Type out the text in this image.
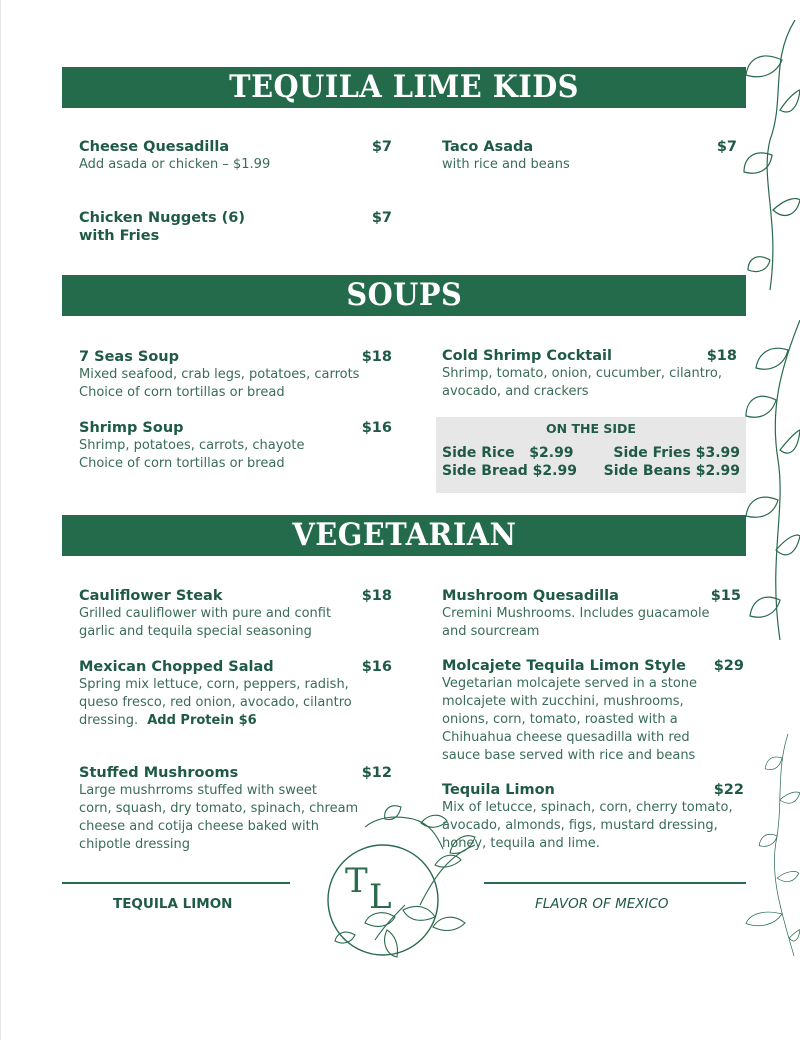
TEQUILA LIME KIDS
Cheese Quesadilla	$7
Add asada or chicken – $1.99
Taco Asada	$7
with rice and beans
Chicken Nuggets (6)	$7
with Fries
SOUPS
7 Seas Soup	$18
Mixed seafood, crab legs, potatoes, carrots
Choice of corn tortillas or bread
Cold Shrimp Cocktail	$18
Shrimp, tomato, onion, cucumber, cilantro,
avocado, and crackers
Shrimp Soup	$16
Shrimp, potatoes, carrots, chayote
Choice of corn tortillas or bread
ON THE SIDE
Side Rice   $2.99	Side Fries $3.99
Side Bread $2.99 Side Beans $2.99
VEGETARIAN
Cauliflower Steak	$18
Grilled cauliflower with pure and confit
garlic and tequila special seasoning
Mushroom Quesadilla	$15
Cremini Mushrooms. Includes guacamole
and sourcream
Mexican Chopped Salad	$16
Spring mix lettuce, corn, peppers, radish,
queso fresco, red onion, avocado, cilantro
dressing. Add Protein $6
Molcajete Tequila Limon Style $29
Vegetarian molcajete served in a stone
molcajete with zucchini, mushrooms,
onions, corn, tomato, roasted with a
Chihuahua cheese quesadilla with red
sauce base served with rice and beans
Stuffed Mushrooms	$12
Large mushrroms stuffed with sweet
corn, squash, dry tomato, spinach, chream
cheese and cotija cheese baked with
chipotle dressing
Tequila Limon	$22
Mix of letucce, spinach, corn, cherry tomato,
avocado, almonds, figs, mustard dressing,
honey, tequila and lime.
TEQUILA LIMON	FLAVOR OF MEXICO
T L
